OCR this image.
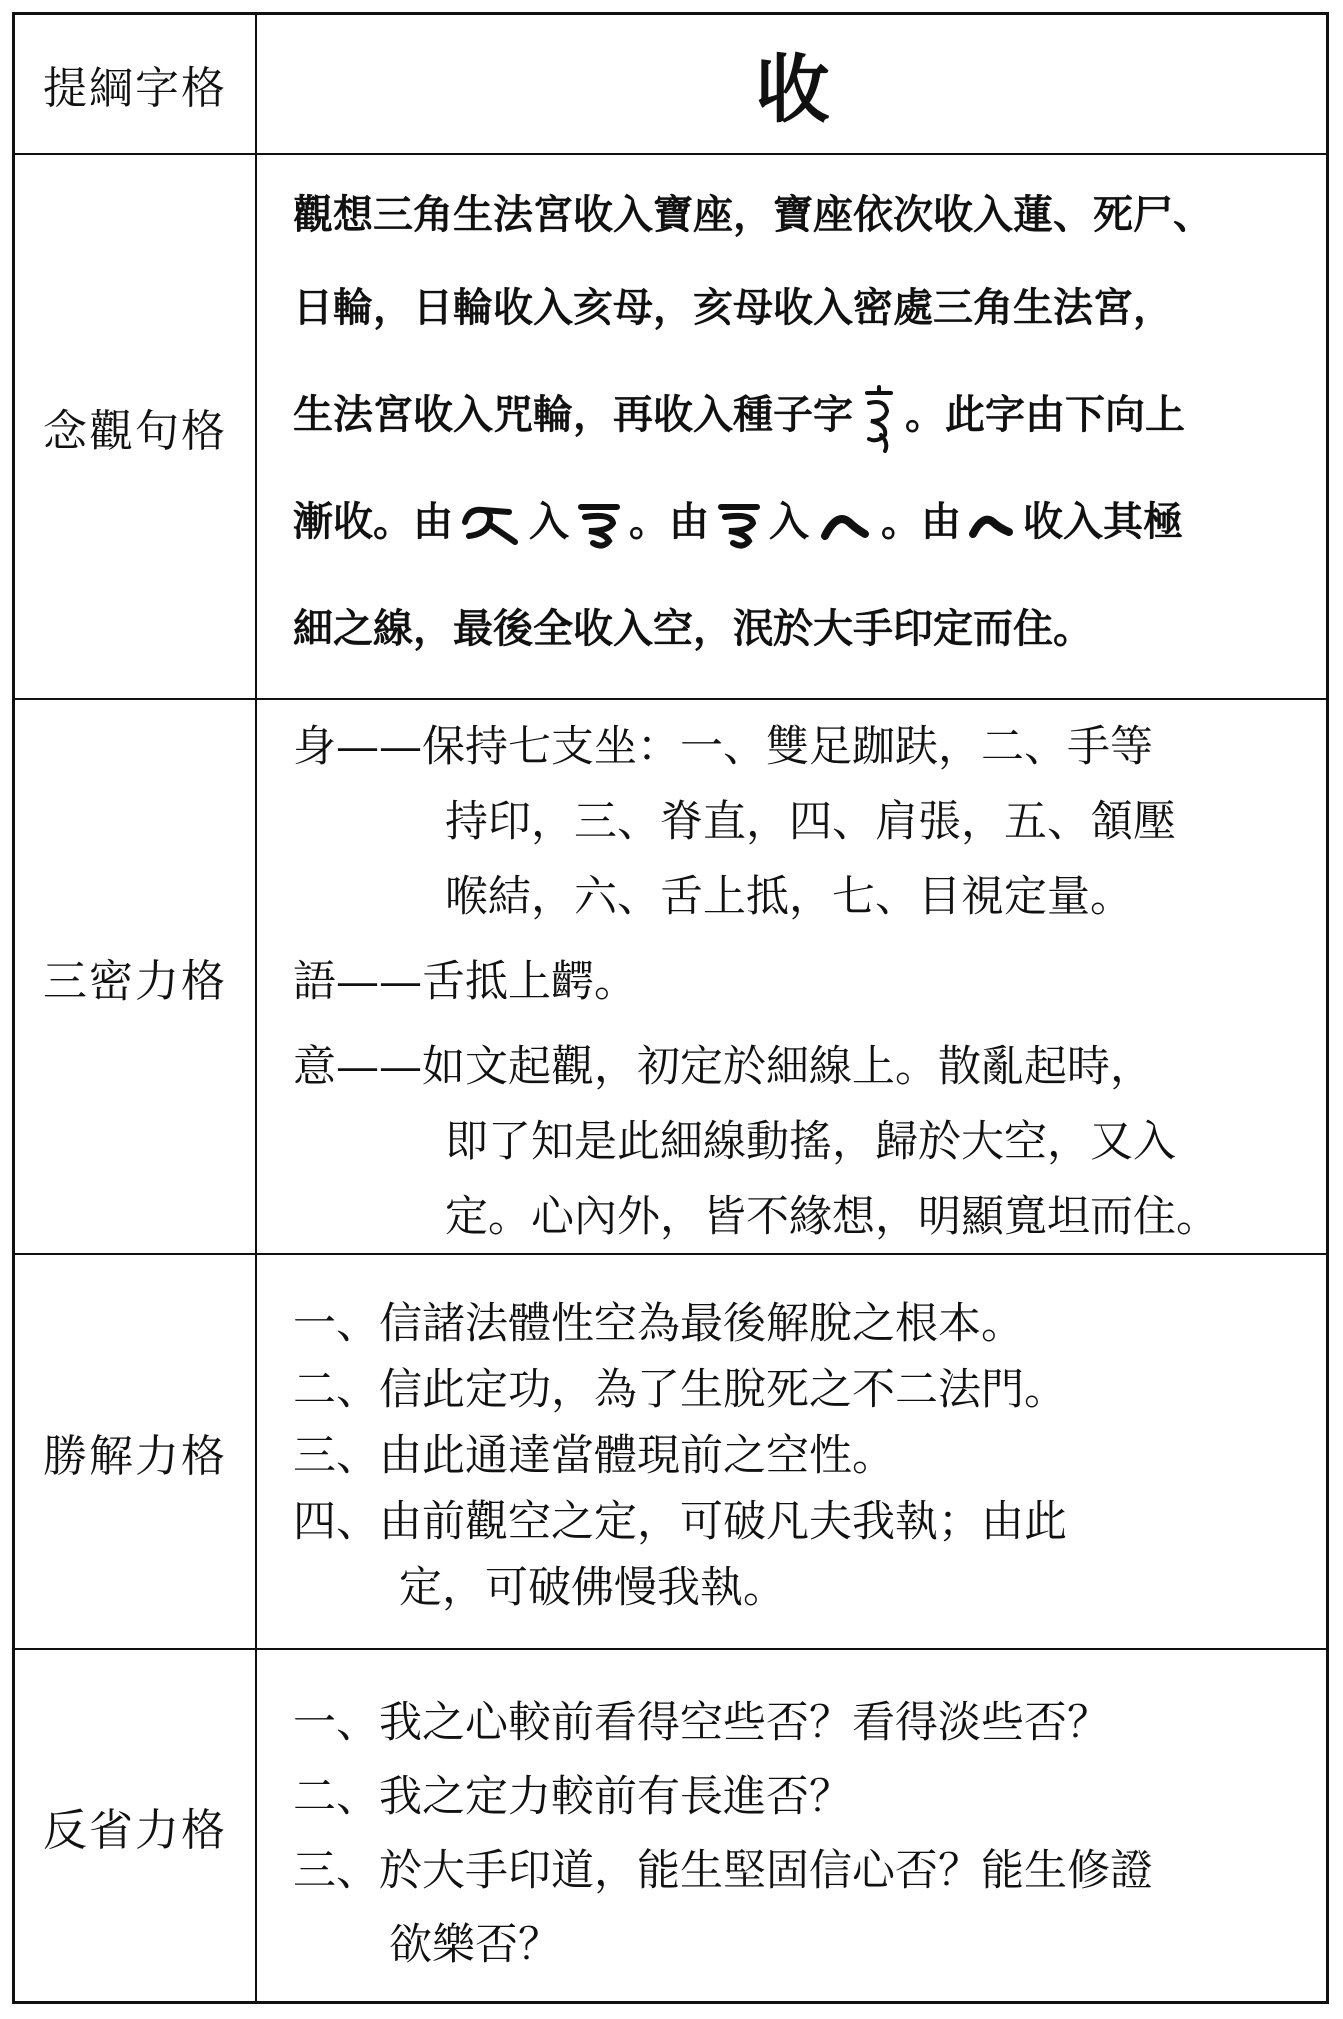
提綱字格	收
念觀句格
觀想三角生法宮收入寶座，寶座依次收入蓮、死尸、
日輪，日輪收入亥母，亥母收入密處三角生法宮，
生法宮收入咒輪，再收入種子字 。此字由下向上
漸收。由 入 。由 入 。由 收入其極
細之線，最後全收入空，泯於大手印定而住。
三密力格
身——保持七支坐：一、雙足跏趺，二、手等
持印，三、脊直，四、肩張，五、頷壓
喉結，六、舌上抵，七、目視定量。
語——舌抵上齶。
意——如文起觀，初定於細線上。散亂起時，
即了知是此細線動搖，歸於大空，又入
定。心內外，皆不緣想，明顯寬坦而住。
勝解力格
一、信諸法體性空為最後解脫之根本。
二、信此定功，為了生脫死之不二法門。
三、由此通達當體現前之空性。
四、由前觀空之定，可破凡夫我執；由此
定，可破佛慢我執。
反省力格
一、我之心較前看得空些否？看得淡些否？
二、我之定力較前有長進否？
三、於大手印道，能生堅固信心否？能生修證
欲樂否？
